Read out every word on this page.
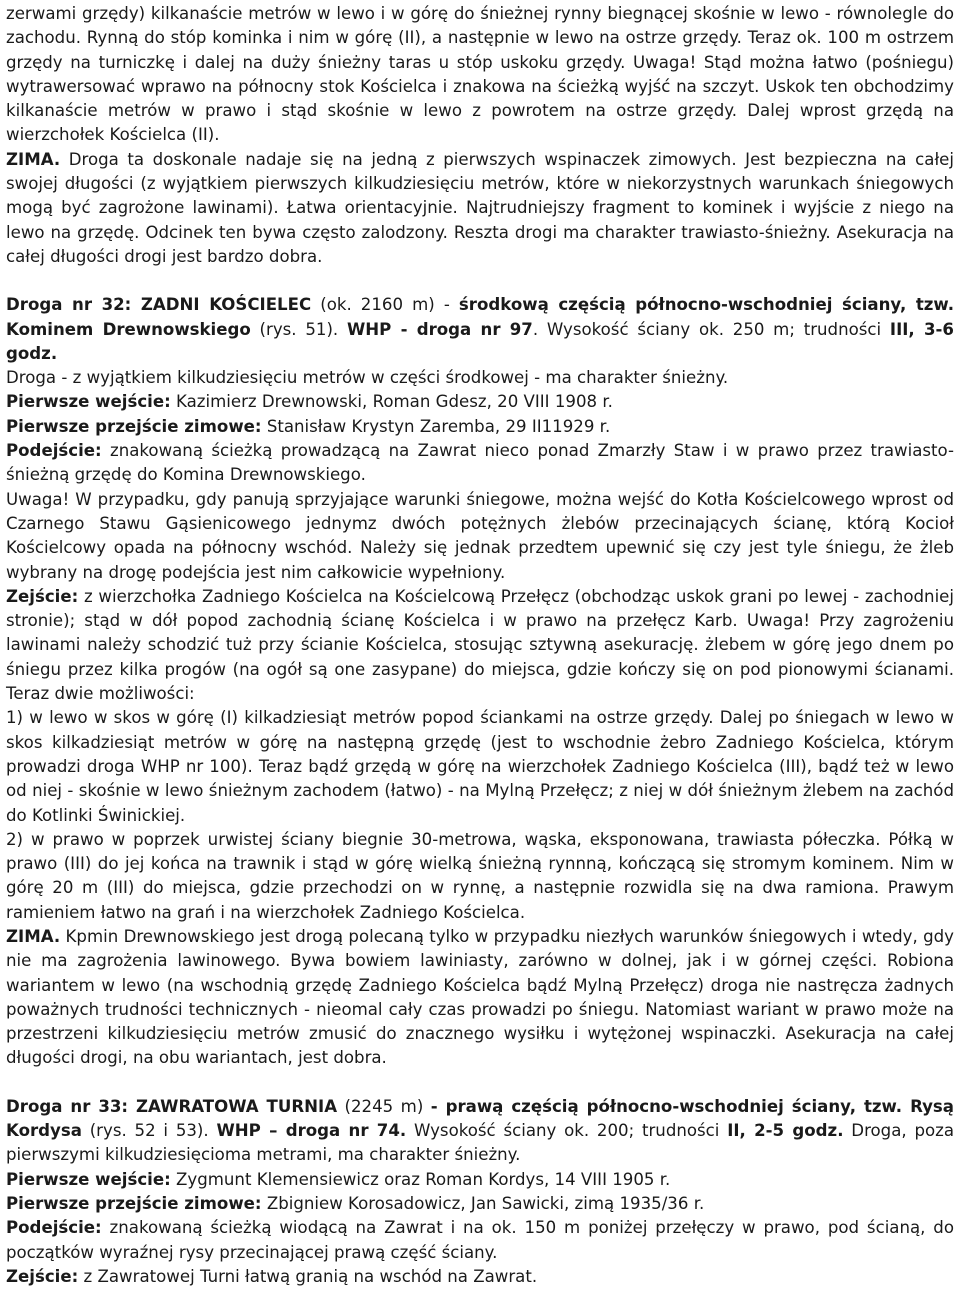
zerwami grzędy) kilkanaście metrów w lewo i w górę do śnieżnej rynny biegnącej skośnie w lewo - równolegle do zachodu. Rynną do stóp kominka i nim w górę (II), a następnie w lewo na ostrze grzędy. Teraz ok. 100 m ostrzem grzędy na turniczkę i dalej na duży śnieżny taras u stóp uskoku grzędy. Uwaga! Stąd można łatwo (pośniegu) wytrawersować wprawo na północny stok Kościelca i znakowa na ścieżką wyjść na szczyt. Uskok ten obchodzimy kilkanaście metrów w prawo i stąd skośnie w lewo z powrotem na ostrze grzędy. Dalej wprost grzędą na wierzchołek Kościelca (II).

ZIMA. Droga ta doskonale nadaje się na jedną z pierwszych wspinaczek zimowych. Jest bezpieczna na całej swojej długości (z wyjątkiem pierwszych kilkudziesięciu metrów, które w niekorzystnych warunkach śniegowych mogą być zagrożone lawinami). Łatwa orientacyjnie. Najtrudniejszy fragment to kominek i wyjście z niego na lewo na grzędę. Odcinek ten bywa często zalodzony. Reszta drogi ma charakter trawiasto-śnieżny. Asekuracja na całej długości drogi jest bardzo dobra.

Droga nr 32: ZADNI KOŚCIELEC (ok. 2160 m) - środkową częścią północno-wschodniej ściany, tzw. Kominem Drewnowskiego (rys. 51). WHP - droga nr 97. Wysokość ściany ok. 250 m; trudności III, 3-6 godz.

Droga - z wyjątkiem kilkudziesięciu metrów w części środkowej - ma charakter śnieżny.

Pierwsze wejście: Kazimierz Drewnowski, Roman Gdesz, 20 VIII 1908 r.

Pierwsze przejście zimowe: Stanisław Krystyn Zaremba, 29 II11929 r.

Podejście: znakowaną ścieżką prowadzącą na Zawrat nieco ponad Zmarzły Staw i w prawo przez trawiasto-śnieżną grzędę do Komina Drewnowskiego.

Uwaga! W przypadku, gdy panują sprzyjające warunki śniegowe, można wejść do Kotła Kościelcowego wprost od Czarnego Stawu Gąsienicowego jednymz dwóch potężnych żlebów przecinających ścianę, którą Kocioł Kościelcowy opada na północny wschód. Należy się jednak przedtem upewnić się czy jest tyle śniegu, że żleb wybrany na drogę podejścia jest nim całkowicie wypełniony.

Zejście: z wierzchołka Zadniego Kościelca na Kościelcową Przełęcz (obchodząc uskok grani po lewej - zachodniej stronie); stąd w dół popod zachodnią ścianę Kościelca i w prawo na przełęcz Karb. Uwaga! Przy zagrożeniu lawinami należy schodzić tuż przy ścianie Kościelca, stosując sztywną asekurację. żlebem w górę jego dnem po śniegu przez kilka progów (na ogół są one zasypane) do miejsca, gdzie kończy się on pod pionowymi ścianami. Teraz dwie możliwości:

1) w lewo w skos w górę (I) kilkadziesiąt metrów popod ściankami na ostrze grzędy. Dalej po śniegach w lewo w skos kilkadziesiąt metrów w górę na następną grzędę (jest to wschodnie żebro Zadniego Kościelca, którym prowadzi droga WHP nr 100). Teraz bądź grzędą w górę na wierzchołek Zadniego Kościelca (III), bądź też w lewo od niej - skośnie w lewo śnieżnym zachodem (łatwo) - na Mylną Przełęcz; z niej w dół śnieżnym żlebem na zachód do Kotlinki Świnickiej.

2) w prawo w poprzek urwistej ściany biegnie 30-metrowa, wąska, eksponowana, trawiasta półeczka. Półką w prawo (III) do jej końca na trawnik i stąd w górę wielką śnieżną rynnną, kończącą się stromym kominem. Nim w górę 20 m (III) do miejsca, gdzie przechodzi on w rynnę, a następnie rozwidla się na dwa ramiona. Prawym ramieniem łatwo na grań i na wierzchołek Zadniego Kościelca.

ZIMA. Kpmin Drewnowskiego jest drogą polecaną tylko w przypadku niezłych warunków śniegowych i wtedy, gdy nie ma zagrożenia lawinowego. Bywa bowiem lawiniasty, zarówno w dolnej, jak i w górnej części. Robiona wariantem w lewo (na wschodnią grzędę Zadniego Kościelca bądź Mylną Przełęcz) droga nie nastręcza żadnych poważnych trudności technicznych - nieomal cały czas prowadzi po śniegu. Natomiast wariant w prawo może na przestrzeni kilkudziesięciu metrów zmusić do znacznego wysiłku i wytężonej wspinaczki. Asekuracja na całej długości drogi, na obu wariantach, jest dobra.

Droga nr 33: ZAWRATOWA TURNIA (2245 m) - prawą częścią północno-wschodniej ściany, tzw. Rysą Kordysa (rys. 52 i 53). WHP – droga nr 74. Wysokość ściany ok. 200; trudności II, 2-5 godz. Droga, poza pierwszymi kilkudziesięcioma metrami, ma charakter śnieżny.

Pierwsze wejście: Zygmunt Klemensiewicz oraz Roman Kordys, 14 VIII 1905 r.

Pierwsze przejście zimowe: Zbigniew Korosadowicz, Jan Sawicki, zimą 1935/36 r.

Podejście: znakowaną ścieżką wiodącą na Zawrat i na ok. 150 m poniżej przełęczy w prawo, pod ścianą, do początków wyraźnej rysy przecinającej prawą część ściany.

Zejście: z Zawratowej Turni łatwą granią na wschód na Zawrat.
